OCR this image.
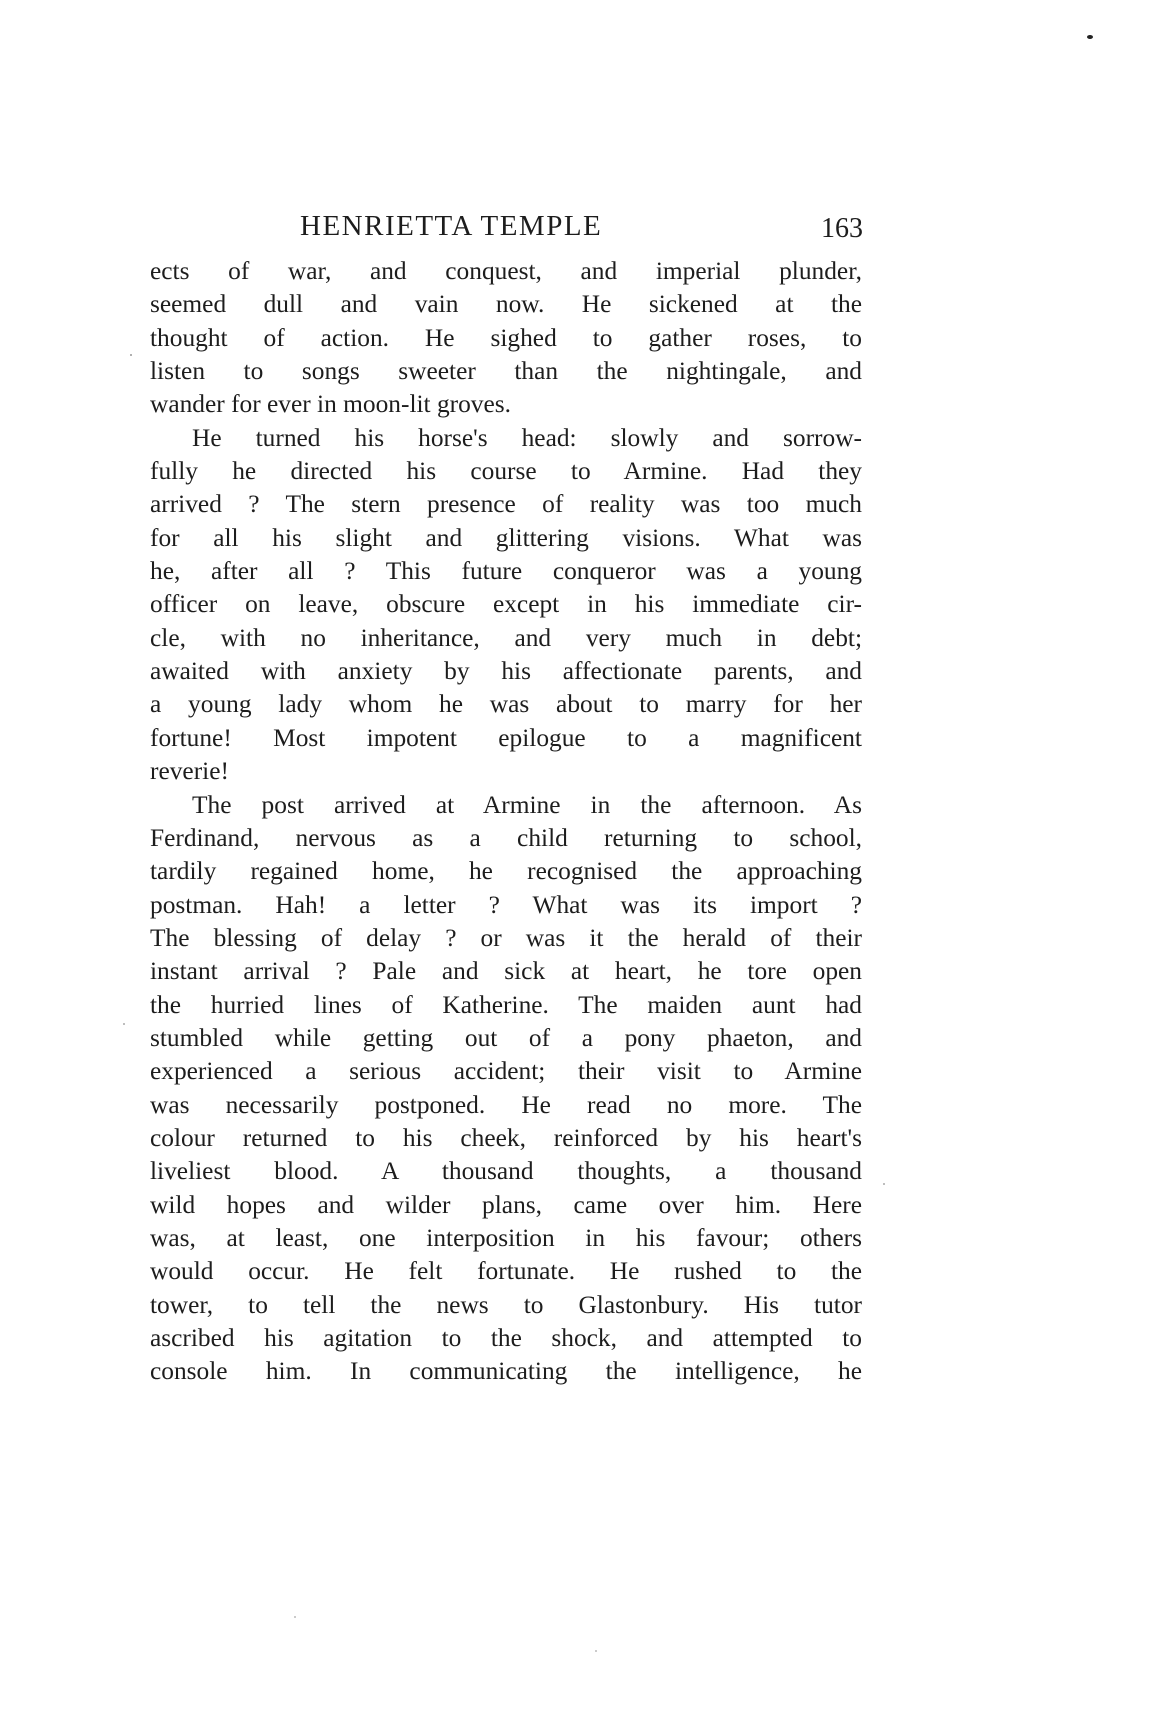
HENRIETTA TEMPLE	163
ects of war, and conquest, and imperial plunder,
seemed dull and vain now. He sickened at the
thought of action. He sighed to gather roses, to
listen to songs sweeter than the nightingale, and
wander for ever in moon-lit groves.
He turned his horse's head: slowly and sorrow-
fully he directed his course to Armine. Had they
arrived ? The stern presence of reality was too much
for all his slight and glittering visions. What was
he, after all ? This future conqueror was a young
officer on leave, obscure except in his immediate cir-
cle, with no inheritance, and very much in debt;
awaited with anxiety by his affectionate parents, and
a young lady whom he was about to marry for her
fortune! Most impotent epilogue to a magnificent
reverie!
The post arrived at Armine in the afternoon. As
Ferdinand, nervous as a child returning to school,
tardily regained home, he recognised the approaching
postman. Hah! a letter ? What was its import ?
The blessing of delay ? or was it the herald of their
instant arrival ? Pale and sick at heart, he tore open
the hurried lines of Katherine. The maiden aunt had
stumbled while getting out of a pony phaeton, and
experienced a serious accident; their visit to Armine
was necessarily postponed. He read no more. The
colour returned to his cheek, reinforced by his heart's
liveliest blood. A thousand thoughts, a thousand
wild hopes and wilder plans, came over him. Here
was, at least, one interposition in his favour; others
would occur. He felt fortunate. He rushed to the
tower, to tell the news to Glastonbury. His tutor
ascribed his agitation to the shock, and attempted to
console him. In communicating the intelligence, he
